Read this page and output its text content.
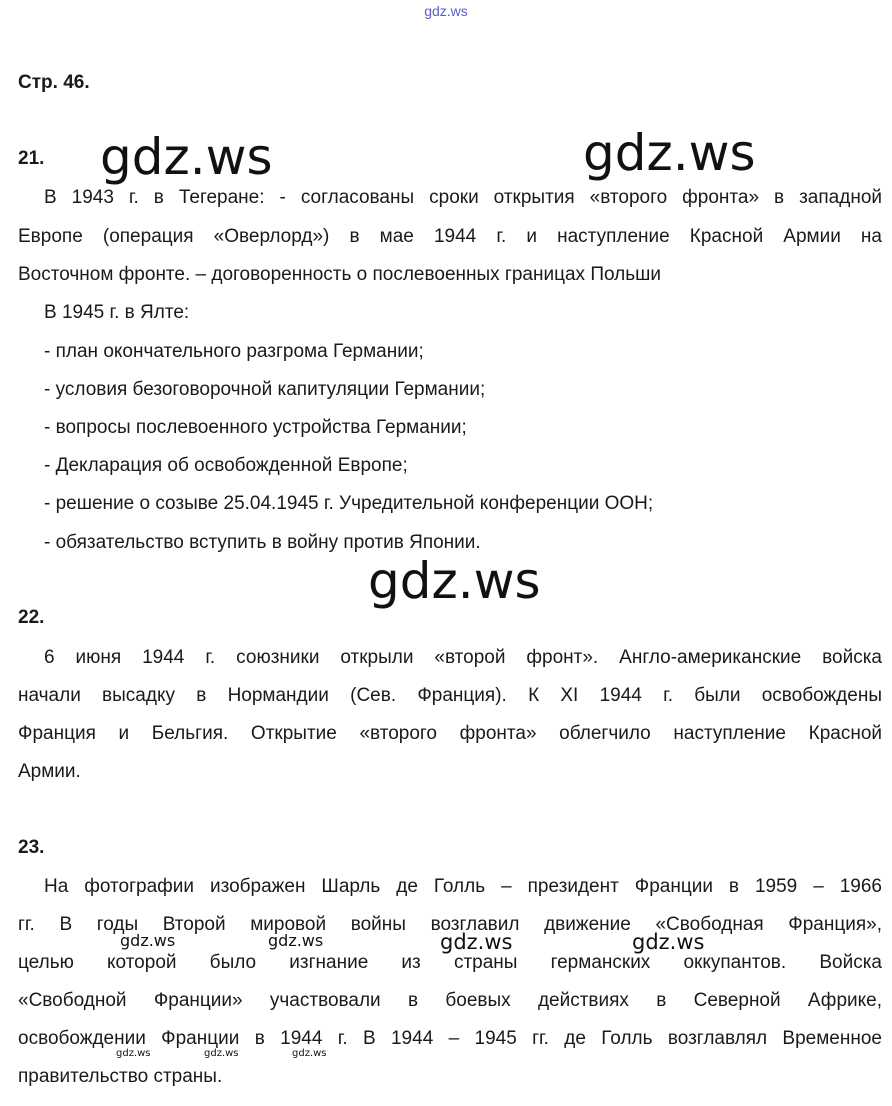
gdz.ws

Стр. 46.

21.

В 1943 г. в Тегеране: - согласованы сроки открытия «второго фронта» в западной

Европе (операция «Оверлорд») в мае 1944 г. и наступление Красной Армии на

Восточном фронте. – договоренность о послевоенных границах Польши

В 1945 г. в Ялте:

- план окончательного разгрома Германии;

- условия безоговорочной капитуляции Германии;

- вопросы послевоенного устройства Германии;

- Декларация об освобожденной Европе;

- решение о созыве 25.04.1945 г. Учредительной конференции ООН;

- обязательство вступить в войну против Японии.

22.

6 июня 1944 г. союзники открыли «второй фронт». Англо-американские войска

начали высадку в Нормандии (Сев. Франция). К XI 1944 г. были освобождены

Франция и Бельгия. Открытие «второго фронта» облегчило наступление Красной

Армии.

23.

На фотографии изображен Шарль де Голль – президент Франции в 1959 – 1966

гг. В годы Второй мировой войны возглавил движение «Свободная Франция»,

целью которой было изгнание из страны германских оккупантов. Войска

«Свободной Франции» участвовали в боевых действиях в Северной Африке,

освобождении Франции в 1944 г. В 1944 – 1945 гг. де Голль возглавлял Временное

правительство страны.

gdz.ws	gdz.ws
gdz.ws
gdz.ws	gdz.ws	gdz.ws	gdz.ws
gdz.ws	gdz.ws	gdz.ws
